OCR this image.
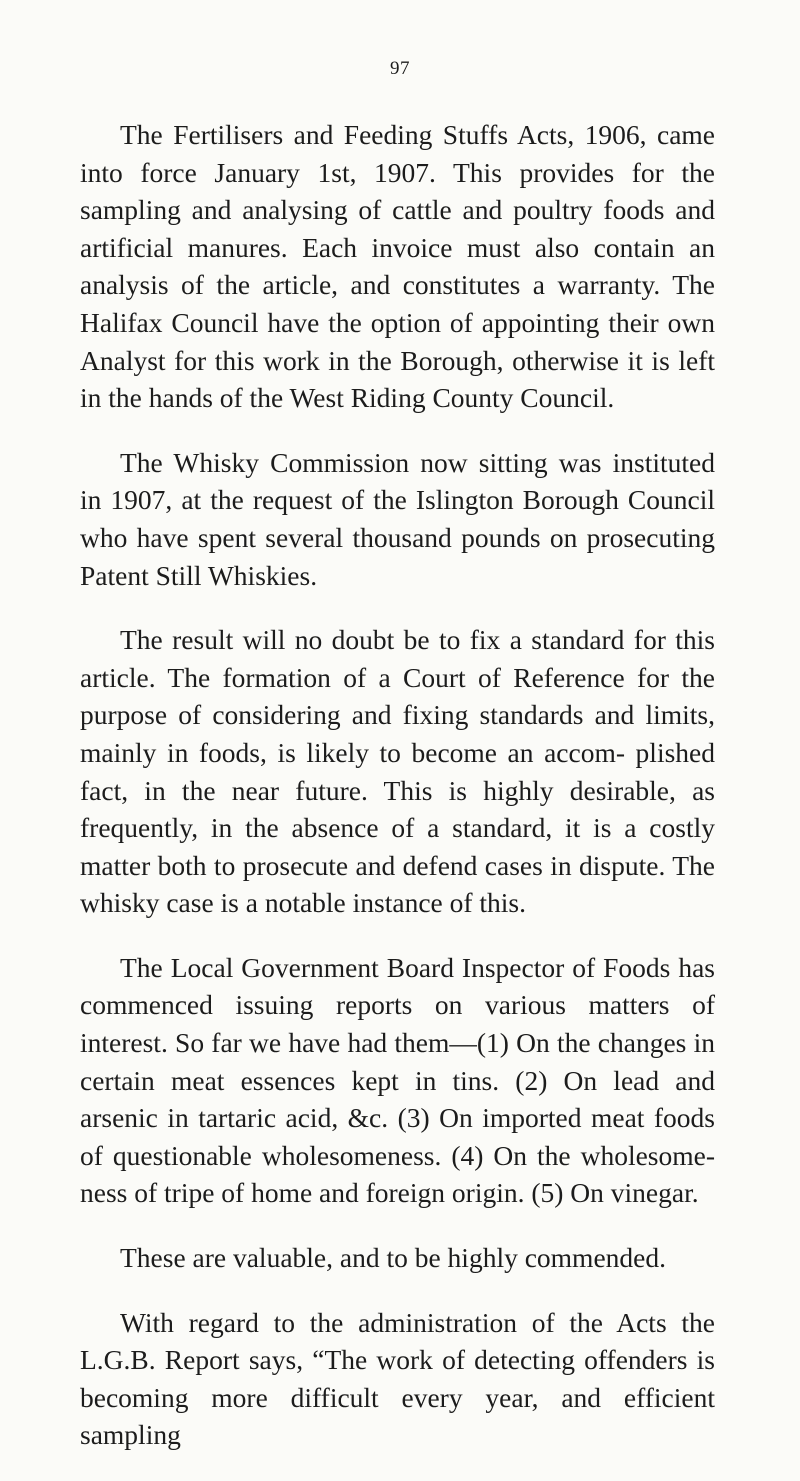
97

The Fertilisers and Feeding Stuffs Acts, 1906, came into force January 1st, 1907. This provides for the sampling and analysing of cattle and poultry foods and artificial manures. Each invoice must also contain an analysis of the article, and constitutes a warranty. The Halifax Council have the option of appointing their own Analyst for this work in the Borough, otherwise it is left in the hands of the West Riding County Council.

The Whisky Commission now sitting was instituted in 1907, at the request of the Islington Borough Council who have spent several thousand pounds on prosecuting Patent Still Whiskies.

The result will no doubt be to fix a standard for this article. The formation of a Court of Reference for the purpose of considering and fixing standards and limits, mainly in foods, is likely to become an accom- plished fact, in the near future. This is highly desirable, as frequently, in the absence of a standard, it is a costly matter both to prosecute and defend cases in dispute. The whisky case is a notable instance of this.

The Local Government Board Inspector of Foods has commenced issuing reports on various matters of interest. So far we have had them—(1) On the changes in certain meat essences kept in tins. (2) On lead and arsenic in tartaric acid, &c. (3) On imported meat foods of questionable wholesomeness. (4) On the wholesome- ness of tripe of home and foreign origin. (5) On vinegar.

These are valuable, and to be highly commended.

With regard to the administration of the Acts the L.G.B. Report says, “The work of detecting offenders is becoming more difficult every year, and efficient sampling
